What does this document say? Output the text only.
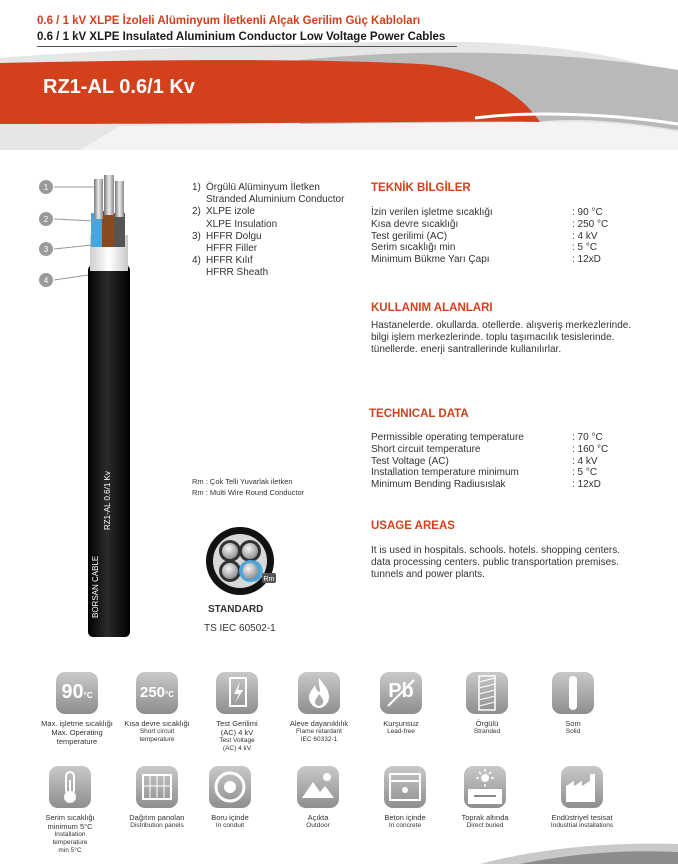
0.6 / 1 kV XLPE İzoleli Alüminyum İletkenli Alçak Gerilim Güç Kabloları
0.6 / 1 kV XLPE Insulated Aluminium Conductor Low Voltage Power Cables
RZ1-AL 0.6/1 Kv
1
2
3
4
BORSAN CABLE
RZ1-AL 0.6/1 Kv
1) Örgülü Alüminyum İletken
Stranded Aluminium Conductor
2) XLPE izole
XLPE Insulation
3) HFFR Dolgu
HFFR Filler
4) HFFR Kılıf
HFRR Sheath
Rm : Çok Telli Yuvarlak iletken
Rm : Multi Wire Round Conductor
Rm
STANDARD
TS IEC 60502-1
TEKNİK BİLGİLER
İzin verilen işletme sıcaklığı	: 90 °C
Kısa devre sıcaklığı	: 250 °C
Test gerilimi (AC)	: 4 kV
Serim sıcaklığı min	: 5 °C
Minimum Bükme Yarı Çapı	: 12xD
KULLANIM ALANLARI
Hastanelerde. okullarda. otellerde. alışveriş merkezlerinde.
bilgi işlem merkezlerinde. toplu taşımacılık tesislerinde.
tünellerde. enerji santrallerinde kullanılırlar.
TECHNICAL DATA
Permissible operating temperature	: 70 °C
Short circuit temperature	: 160 °C
Test Voltage (AC)	: 4 kV
Installation temperature minimum	: 5 °C
Minimum Bending Radiusıslak	: 12xD
USAGE AREAS
It is used in hospitals. schools. hotels. shopping centers.
data processing centers. public transportation premises.
tunnels and power plants.
90°C
Max. işletme sıcaklığı
Max. Operating
temperature
250°C
Kısa devre sıcaklığı
Short circuit
temperature
Test Gerilimi
(AC) 4 kV
Test Voltage
(AC) 4 kV
Aleve dayanıklılık
Flame retardant
IEC 60332-1
Pb
Kurşunsuz
Lead-free
Örgülü
Stranded
Som
Solid
Serim sıcaklığı
minimum 5°C
Installation
temperature
min 5°C
Dağıtım panoları
Distribution panels
Boru içinde
In conduit
Açıkta
Outdoor
Beton içinde
In concrete
Toprak altında
Direct buried
Endüstriyel tesisat
Industrial installations
